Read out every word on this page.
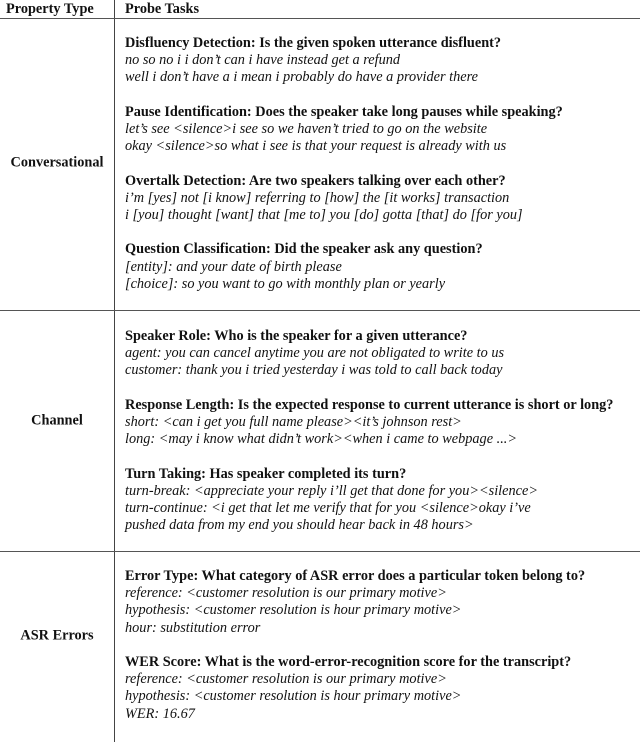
Property Type Probe Tasks
Conversational
Disfluency Detection: Is the given spoken utterance disfluent?
no so no i i don’t can i have instead get a refund
well i don’t have a i mean i probably do have a provider there
Pause Identification: Does the speaker take long pauses while speaking?
let’s see <silence>i see so we haven’t tried to go on the website
okay <silence>so what i see is that your request is already with us
Overtalk Detection: Are two speakers talking over each other?
i’m [yes] not [i know] referring to [how] the [it works] transaction
i [you] thought [want] that [me to] you [do] gotta [that] do [for you]
Question Classification: Did the speaker ask any question?
[entity]: and your date of birth please
[choice]: so you want to go with monthly plan or yearly
Channel
Speaker Role: Who is the speaker for a given utterance?
agent: you can cancel anytime you are not obligated to write to us
customer: thank you i tried yesterday i was told to call back today
Response Length: Is the expected response to current utterance is short or long?
short: <can i get you full name please><it’s johnson rest>
long: <may i know what didn’t work><when i came to webpage ...>
Turn Taking: Has speaker completed its turn?
turn-break: <appreciate your reply i’ll get that done for you><silence>
turn-continue: <i get that let me verify that for you <silence>okay i’ve
pushed data from my end you should hear back in 48 hours>
ASR Errors
Error Type: What category of ASR error does a particular token belong to?
reference: <customer resolution is our primary motive>
hypothesis: <customer resolution is hour primary motive>
hour: substitution error
WER Score: What is the word-error-recognition score for the transcript?
reference: <customer resolution is our primary motive>
hypothesis: <customer resolution is hour primary motive>
WER: 16.67
